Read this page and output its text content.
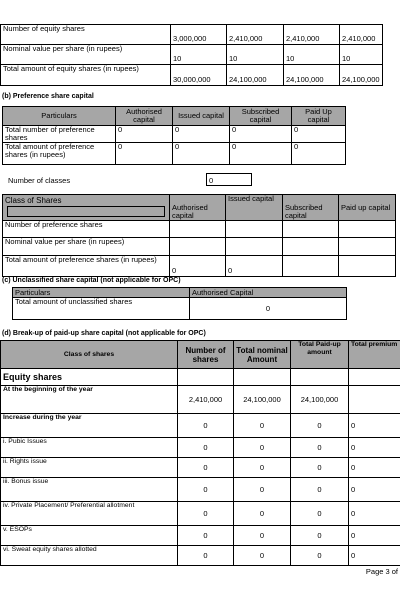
Number of equity shares	3,000,000	2,410,000	2,410,000	2,410,000
Nominal value per share (in rupees)	10	10	10	10
Total amount of equity shares (in rupees)	30,000,000	24,100,000	24,100,000	24,100,000
(b) Preference share capital
Particulars	Authorised capital	Issued capital	Subscribed capital	Paid Up capital
Total number of preference shares	0	0	0	0
Total amount of preference shares (in rupees)	0	0	0	0
Number of classes	0
Class of Shares	Authorised capital	Issued capital	Subscribed capital	Paid up capital
Number of preference shares				
Nominal value per share (in rupees)				
Total amount of preference shares (in rupees)	0	0		
(c) Unclassified share capital (not applicable for OPC)
Particulars	Authorised Capital
Total amount of unclassified shares	0
(d) Break-up of paid-up share capital (not applicable for OPC)
Class of shares	Number of shares	Total nominal Amount	Total Paid-up amount	Total premium
Equity shares				
At the beginning of the year	2,410,000	24,100,000	24,100,000	
Increase during the year	0	0	0	0
i. Pubic Issues	0	0	0	0
ii. Rights issue	0	0	0	0
iii. Bonus issue	0	0	0	0
iv. Private Placement/ Preferential allotment	0	0	0	0
v. ESOPs	0	0	0	0
vi. Sweat equity shares allotted	0	0	0	0
Page 3 of
